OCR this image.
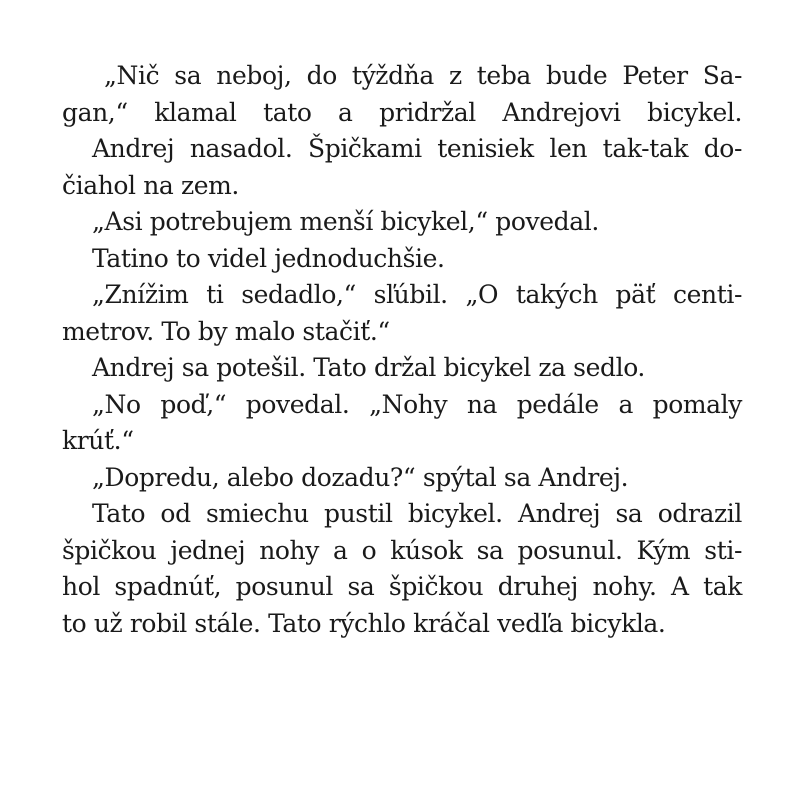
„Nič sa neboj, do týždňa z teba bude Peter Sa-
gan,“ klamal tato a pridržal Andrejovi bicykel.
Andrej nasadol. Špičkami tenisiek len tak-tak do-
čiahol na zem.
„Asi potrebujem menší bicykel,“ povedal.
Tatino to videl jednoduchšie.
„Znížim ti sedadlo,“ sľúbil. „O takých päť centi-
metrov. To by malo stačiť.“
Andrej sa potešil. Tato držal bicykel za sedlo.
„No poď,“ povedal. „Nohy na pedále a pomaly
krúť.“
„Dopredu, alebo dozadu?“ spýtal sa Andrej.
Tato od smiechu pustil bicykel. Andrej sa odrazil
špičkou jednej nohy a o kúsok sa posunul. Kým sti-
hol spadnúť, posunul sa špičkou druhej nohy. A tak
to už robil stále. Tato rýchlo kráčal vedľa bicykla.
